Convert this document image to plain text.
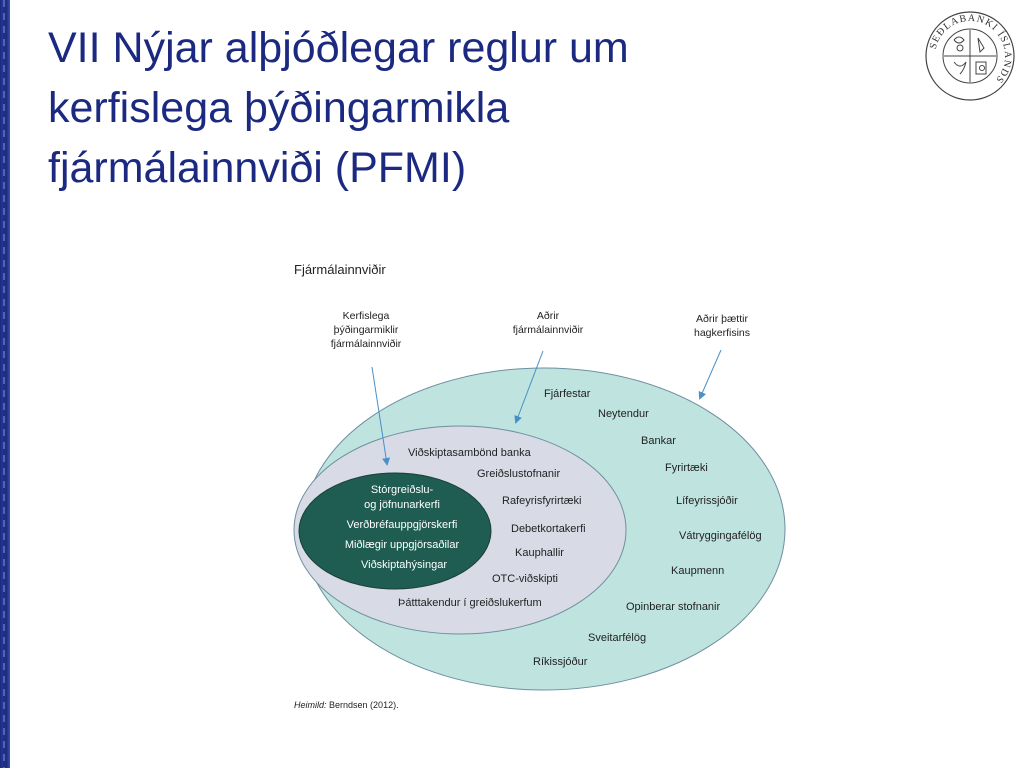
VII Nýjar alþjóðlegar reglur um
kerfislega þýðingarmikla
fjármálainnviði (PFMI)
SEÐLABANKI ÍSLANDS
Fjármálainnviðir
Kerfislega
þýðingarmiklir
fjármálainnviðir
Aðrir
fjármálainnviðir
Aðrir þættir
hagkerfisins
Fjárfestar
Neytendur
Bankar
Fyrirtæki
Lífeyrissjóðir
Vátryggingafélög
Kaupmenn
Opinberar stofnanir
Sveitarfélög
Ríkissjóður
Viðskiptasambönd banka
Greiðslustofnanir
Rafeyrisfyrirtæki
Debetkortakerfi
Kauphallir
OTC-viðskipti
Þátttakendur í greiðslukerfum
Stórgreiðslu-
og jöfnunarkerfi
Verðbréfauppgjörskerfi
Miðlægir uppgjörsaðilar
Viðskiptahýsingar
Heimild: Berndsen (2012).
